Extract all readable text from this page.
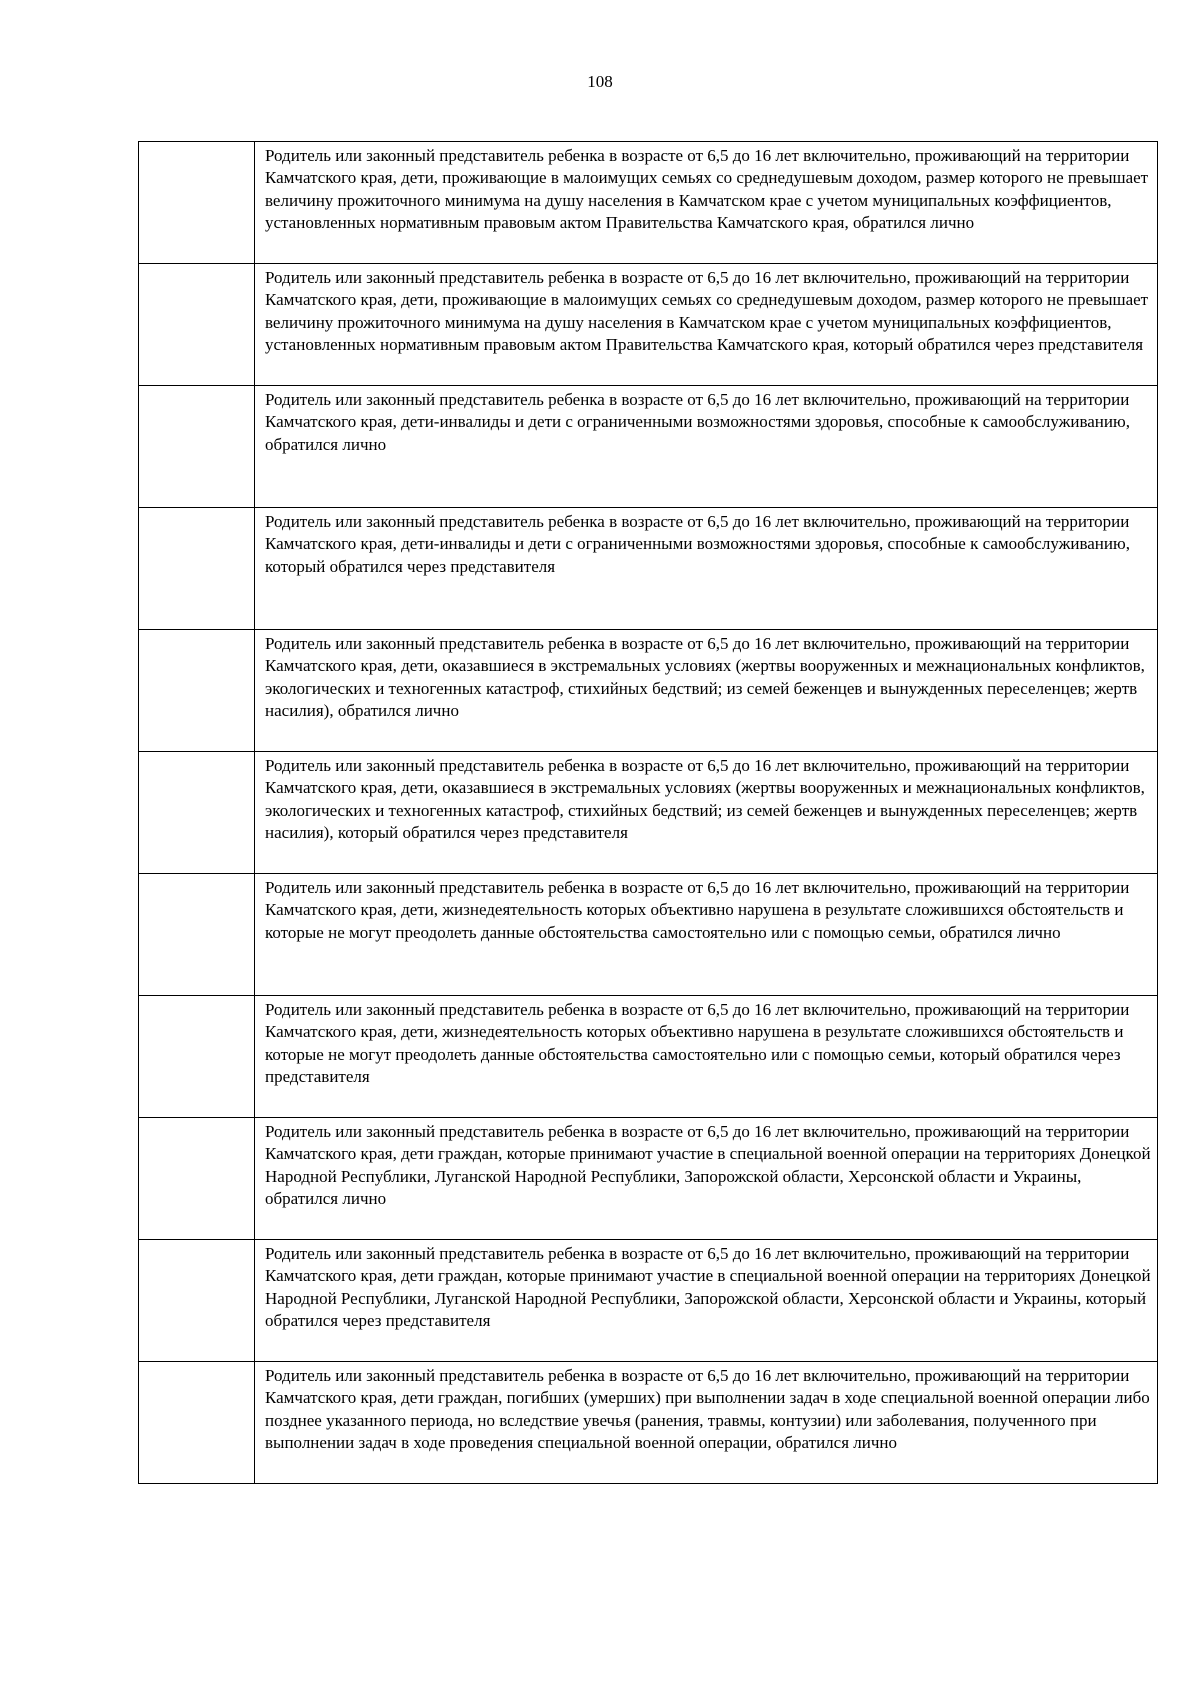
108
	Родитель или законный представитель ребенка в возрасте от 6,5 до 16 лет включительно, проживающий на территории Камчатского края, дети, проживающие в малоимущих семьях со среднедушевым доходом, размер которого не превышает величину прожиточного минимума на душу населения в Камчатском крае с учетом муниципальных коэффициентов, установленных нормативным правовым актом Правительства Камчатского края, обратился лично
	Родитель или законный представитель ребенка в возрасте от 6,5 до 16 лет включительно, проживающий на территории Камчатского края, дети, проживающие в малоимущих семьях со среднедушевым доходом, размер которого не превышает величину прожиточного минимума на душу населения в Камчатском крае с учетом муниципальных коэффициентов, установленных нормативным правовым актом Правительства Камчатского края, который обратился через представителя
	Родитель или законный представитель ребенка в возрасте от 6,5 до 16 лет включительно, проживающий на территории Камчатского края, дети-инвалиды и дети с ограниченными возможностями здоровья, способные к самообслуживанию, обратился лично
	Родитель или законный представитель ребенка в возрасте от 6,5 до 16 лет включительно, проживающий на территории Камчатского края, дети-инвалиды и дети с ограниченными возможностями здоровья, способные к самообслуживанию, который обратился через представителя
	Родитель или законный представитель ребенка в возрасте от 6,5 до 16 лет включительно, проживающий на территории Камчатского края, дети, оказавшиеся в экстремальных условиях (жертвы вооруженных и межнациональных конфликтов, экологических и техногенных катастроф, стихийных бедствий; из семей беженцев и вынужденных переселенцев; жертв насилия), обратился лично
	Родитель или законный представитель ребенка в возрасте от 6,5 до 16 лет включительно, проживающий на территории Камчатского края, дети, оказавшиеся в экстремальных условиях (жертвы вооруженных и межнациональных конфликтов, экологических и техногенных катастроф, стихийных бедствий; из семей беженцев и вынужденных переселенцев; жертв насилия), который обратился через представителя
	Родитель или законный представитель ребенка в возрасте от 6,5 до 16 лет включительно, проживающий на территории Камчатского края, дети, жизнедеятельность которых объективно нарушена в результате сложившихся обстоятельств и которые не могут преодолеть данные обстоятельства самостоятельно или с помощью семьи, обратился лично
	Родитель или законный представитель ребенка в возрасте от 6,5 до 16 лет включительно, проживающий на территории Камчатского края, дети, жизнедеятельность которых объективно нарушена в результате сложившихся обстоятельств и которые не могут преодолеть данные обстоятельства самостоятельно или с помощью семьи, который обратился через представителя
	Родитель или законный представитель ребенка в возрасте от 6,5 до 16 лет включительно, проживающий на территории Камчатского края, дети граждан, которые принимают участие в специальной военной операции на территориях Донецкой Народной Республики, Луганской Народной Республики, Запорожской области, Херсонской области и Украины, обратился лично
	Родитель или законный представитель ребенка в возрасте от 6,5 до 16 лет включительно, проживающий на территории Камчатского края, дети граждан, которые принимают участие в специальной военной операции на территориях Донецкой Народной Республики, Луганской Народной Республики, Запорожской области, Херсонской области и Украины, который обратился через представителя
	Родитель или законный представитель ребенка в возрасте от 6,5 до 16 лет включительно, проживающий на территории Камчатского края, дети граждан, погибших (умерших) при выполнении задач в ходе специальной военной операции либо позднее указанного периода, но вследствие увечья (ранения, травмы, контузии) или заболевания, полученного при выполнении задач в ходе проведения специальной военной операции, обратился лично
